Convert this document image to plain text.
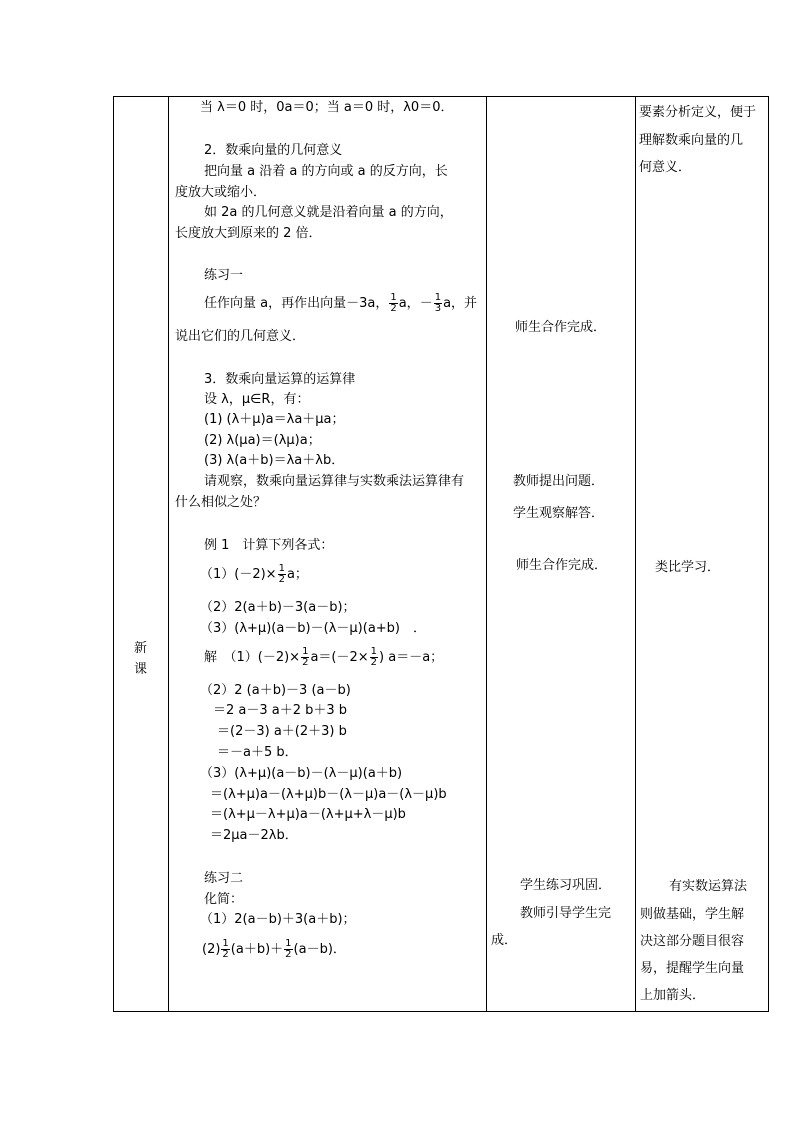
新
课
当 λ＝0 时，0a＝0；当 a＝0 时，λ0＝0．
2．数乘向量的几何意义
把向量 a 沿着 a 的方向或 a 的反方向，长
度放大或缩小．
如 2a 的几何意义就是沿着向量 a 的方向，
长度放大到原来的 2 倍．
练习一
任作向量 a，再作出向量－3a， $\frac{1}{2}$ a，－ $\frac{1}{3}$ a，并
说出它们的几何意义．
3．数乘向量运算的运算律
设 λ，μ∈R，有：
(1) (λ＋μ)a＝λa＋μa；
(2) λ(μa)＝(λμ)a；
(3) λ(a＋b)＝λa＋λb．
请观察，数乘向量运算律与实数乘法运算律有
什么相似之处？
例 1　计算下列各式：
$(1)(-2)\times \frac{1}{2}$ a；
（2）2(a＋b)－3(a－b)；
（3）(λ+μ)(a－b)－(λ－μ)(a+b)　．
解　$(1)(-2)\times \frac{1}{2} a=(-2\times \frac{1}{2}$ ) a＝－a；
（2）2 (a＋b)－3 (a－b)
＝2 a－3 a＋2 b＋3 b
＝(2－3) a＋(2＋3) b
＝－a＋5 b．
（3）(λ+μ)(a－b)－(λ－μ)(a＋b)
＝(λ+μ)a－(λ+μ)b－(λ－μ)a－(λ－μ)b
＝(λ+μ－λ+μ)a－(λ+μ+λ－μ)b
＝2μa－2λb．
练习二
化简：
（1）2(a－b)＋3(a＋b)；
$(2) \frac{1}{2} (a+b)+ \frac{1}{2} (a-b)$．
师生合作完成．
教师提出问题．
学生观察解答．
师生合作完成．
学生练习巩固．
教师引导学生完
成．
要素分析定义，便于
理解数乘向量的几
何意义．
类比学习．
有实数运算法
则做基础，学生解
决这部分题目很容
易，提醒学生向量
上加箭头．
